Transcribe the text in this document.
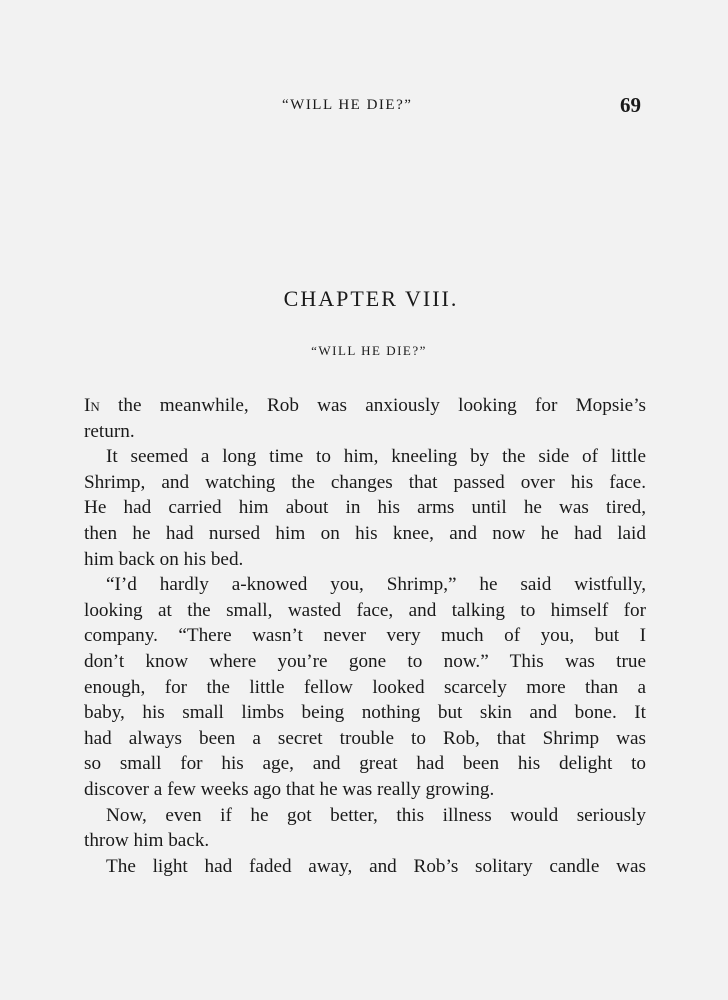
“WILL HE DIE?”	69
CHAPTER VIII.
“WILL HE DIE?”
In the meanwhile, Rob was anxiously looking for Mopsie’s
return.
It seemed a long time to him, kneeling by the side of little
Shrimp, and watching the changes that passed over his face.
He had carried him about in his arms until he was tired,
then he had nursed him on his knee, and now he had laid
him back on his bed.
“I’d hardly a-knowed you, Shrimp,” he said wistfully,
looking at the small, wasted face, and talking to himself for
company. “There wasn’t never very much of you, but I
don’t know where you’re gone to now.” This was true
enough, for the little fellow looked scarcely more than a
baby, his small limbs being nothing but skin and bone. It
had always been a secret trouble to Rob, that Shrimp was
so small for his age, and great had been his delight to
discover a few weeks ago that he was really growing.
Now, even if he got better, this illness would seriously
throw him back.
The light had faded away, and Rob’s solitary candle was
